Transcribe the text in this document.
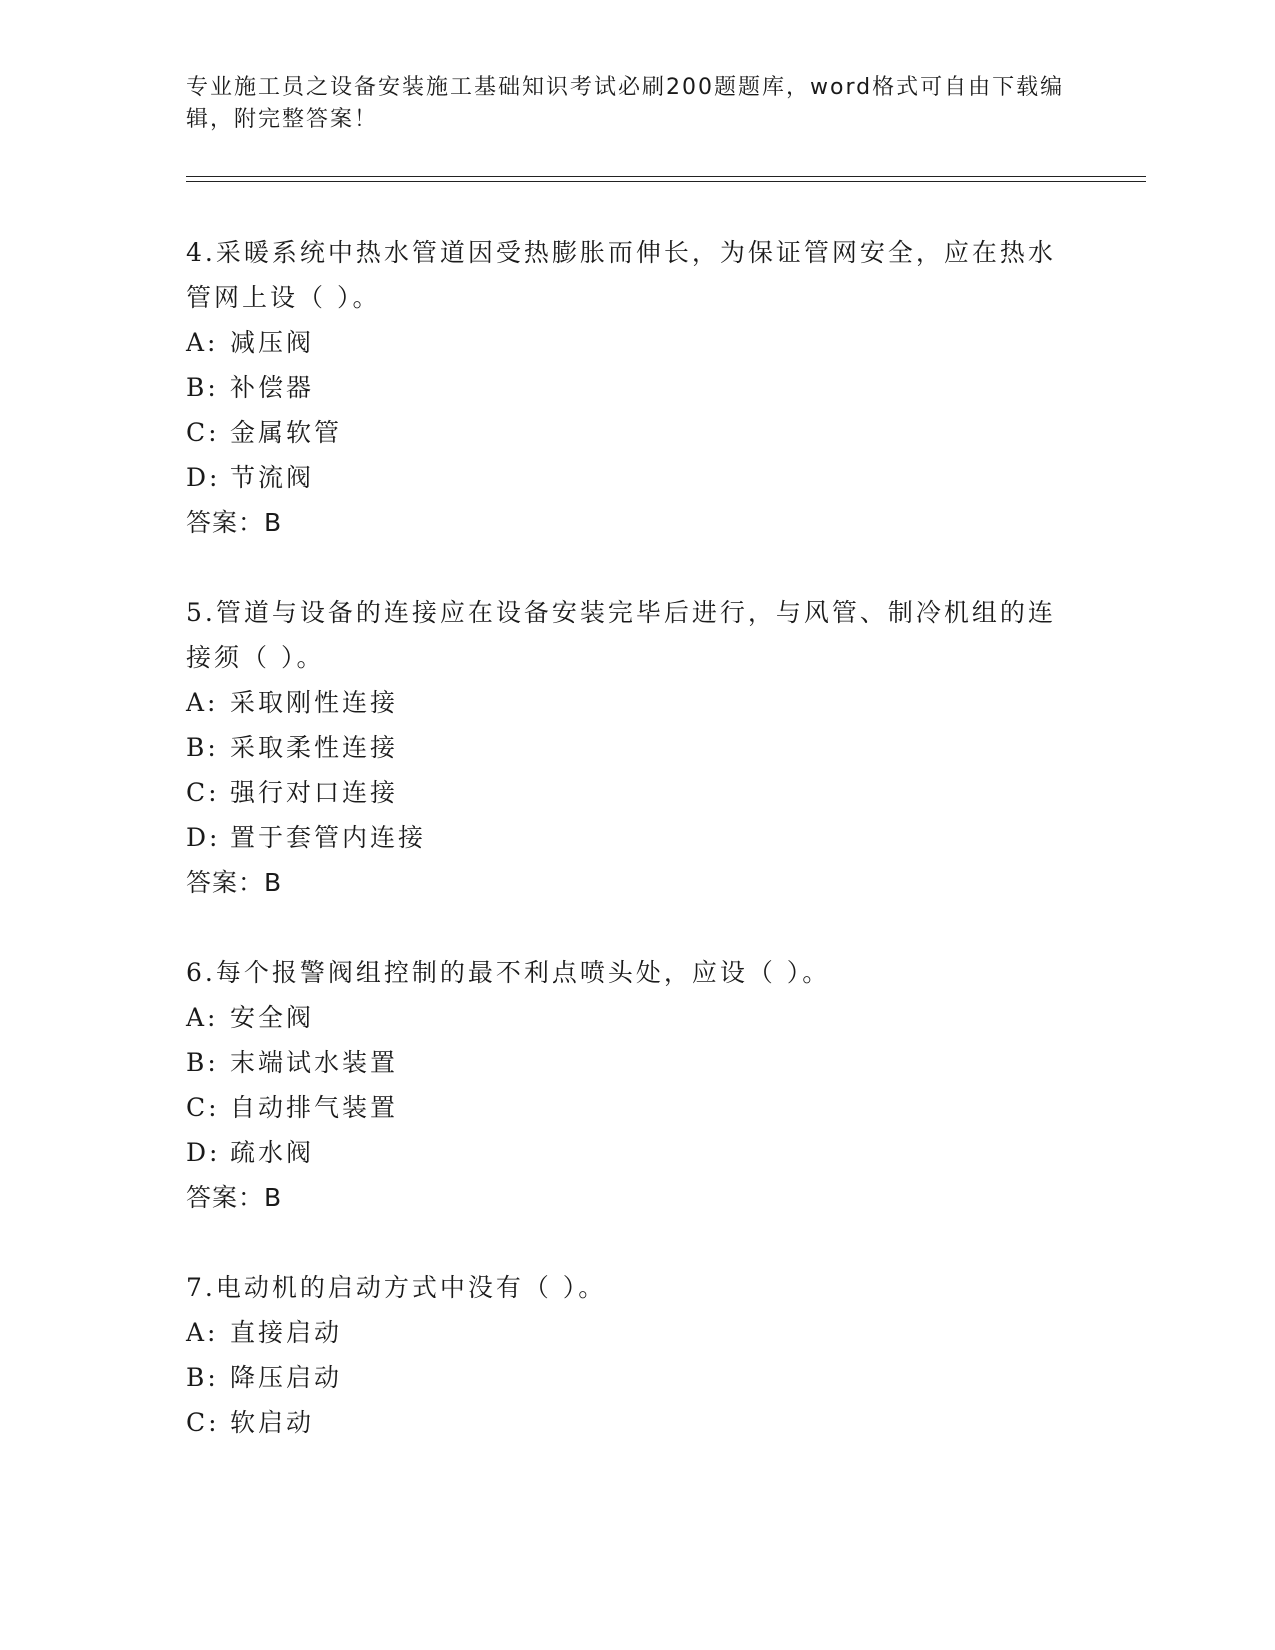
专业施工员之设备安装施工基础知识考试必刷200题题库，word格式可自由下载编辑，附完整答案！

4.采暖系统中热水管道因受热膨胀而伸长，为保证管网安全，应在热水管网上设（ ）。

A: 减压阀

B: 补偿器

C: 金属软管

D: 节流阀

答案：B

5.管道与设备的连接应在设备安装完毕后进行，与风管、制冷机组的连接须（ ）。

A: 采取刚性连接

B: 采取柔性连接

C: 强行对口连接

D: 置于套管内连接

答案：B

6.每个报警阀组控制的最不利点喷头处，应设（ ）。

A: 安全阀

B: 末端试水装置

C: 自动排气装置

D: 疏水阀

答案：B

7.电动机的启动方式中没有（ ）。

A: 直接启动

B: 降压启动

C: 软启动
